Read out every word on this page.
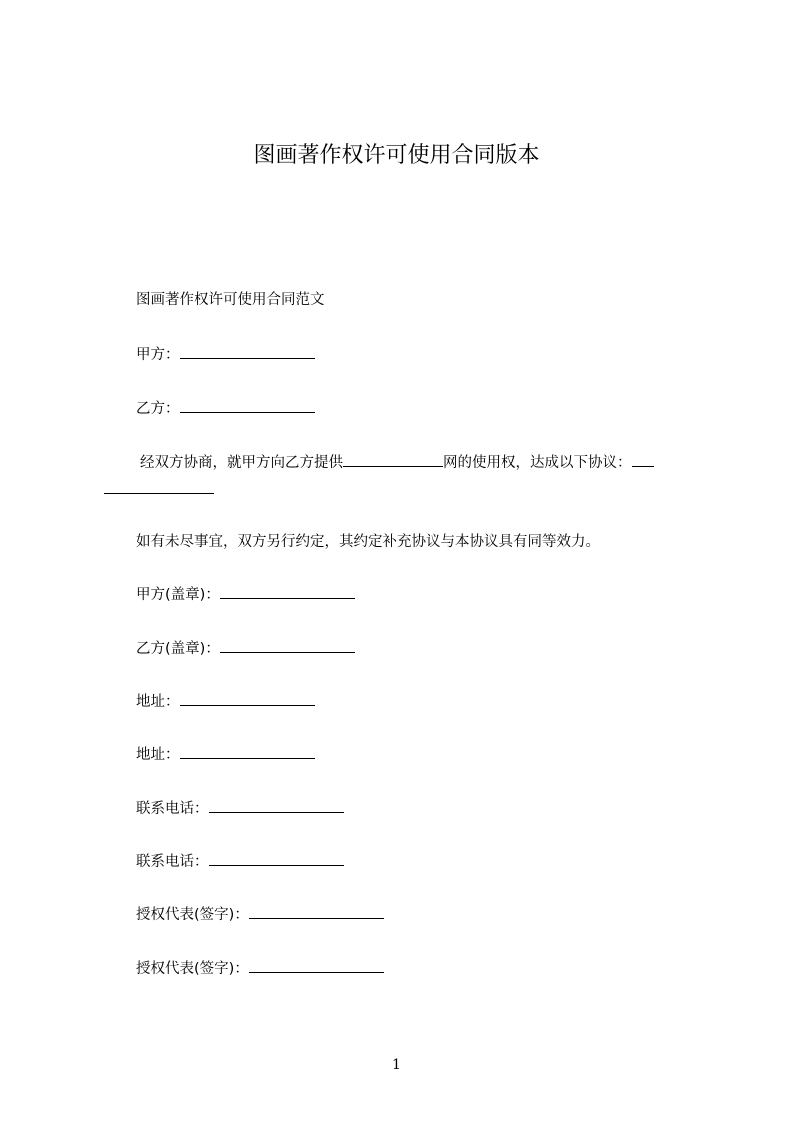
图画著作权许可使用合同版本
图画著作权许可使用合同范文
甲方：
乙方：
经双方协商，就甲方向乙方提供	网的使用权，达成以下协议：
如有未尽事宜，双方另行约定，其约定补充协议与本协议具有同等效力。
甲方(盖章)：
乙方(盖章)：
地址：
地址：
联系电话：
联系电话：
授权代表(签字)：
授权代表(签字)：
1
